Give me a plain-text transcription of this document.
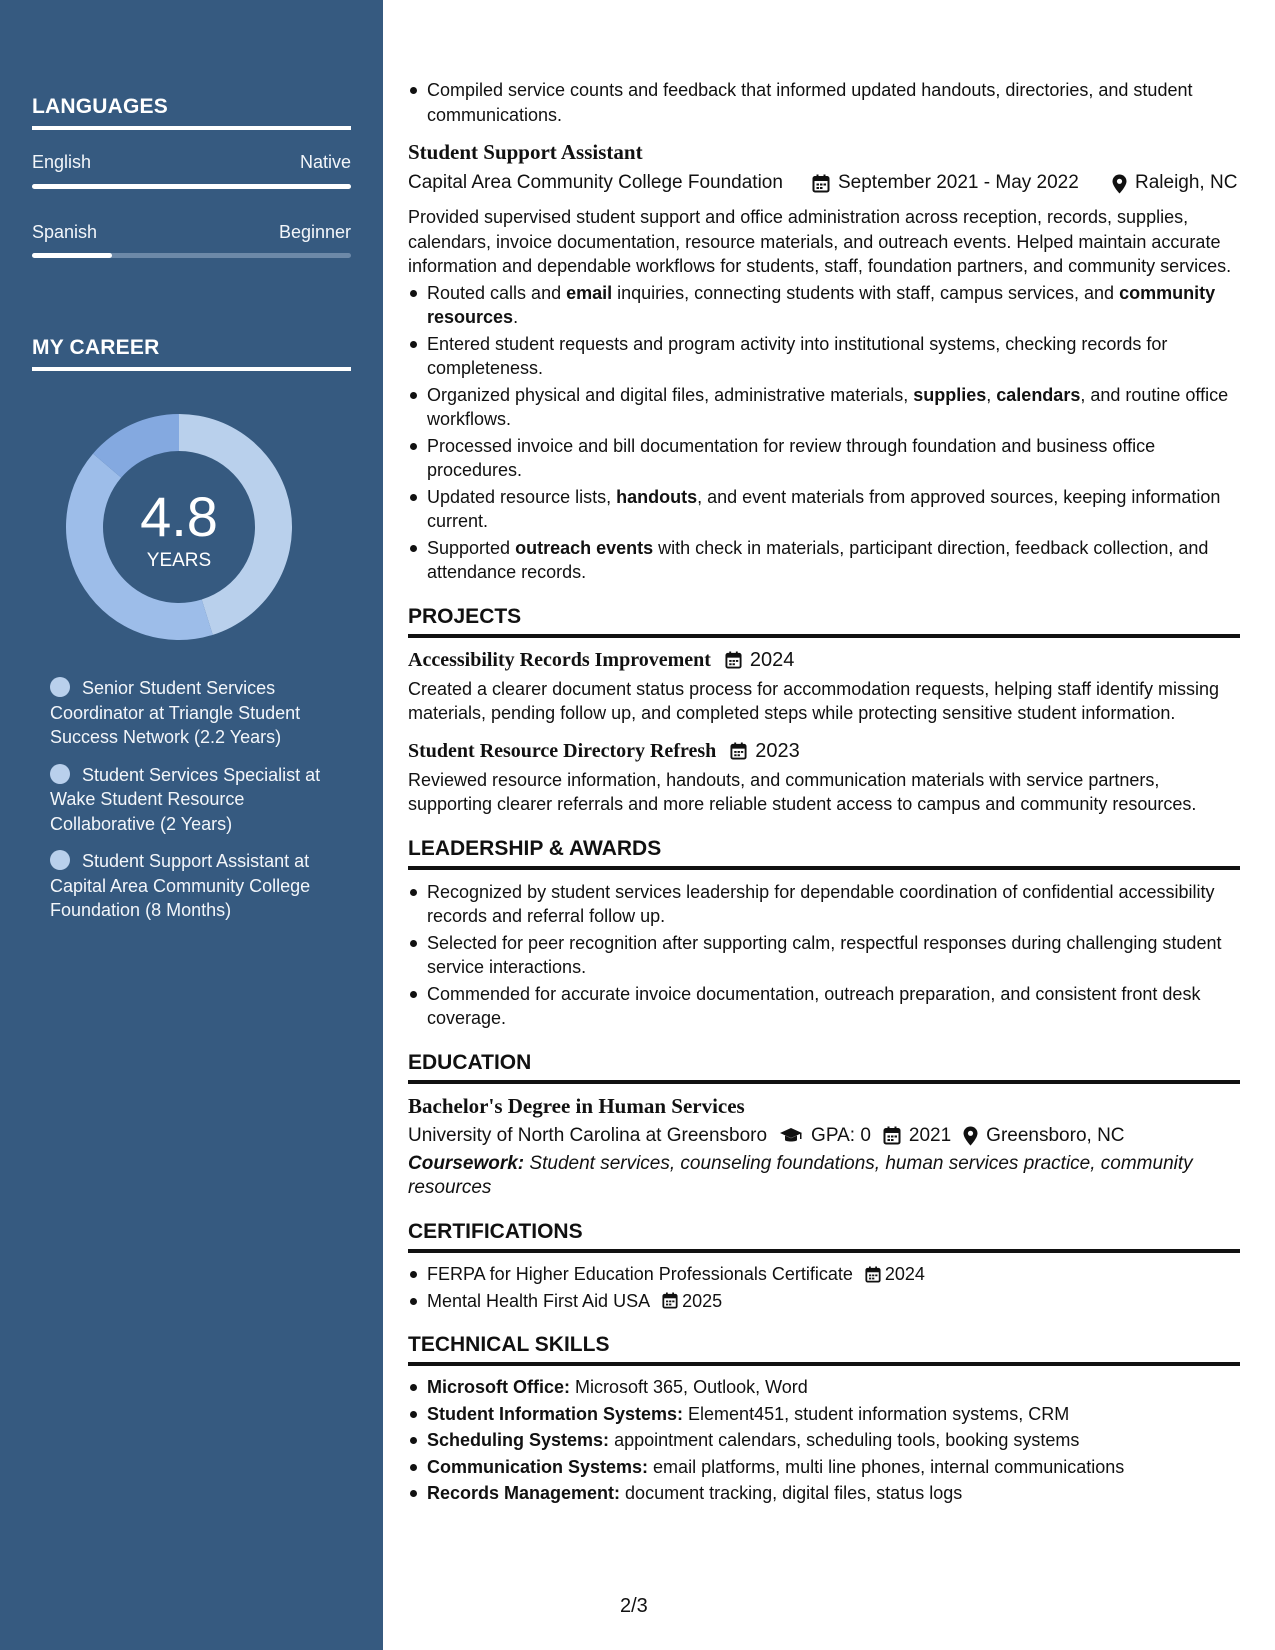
LANGUAGES
English	Native
Spanish	Beginner
MY CAREER
4.8
YEARS
Senior Student Services Coordinator at Triangle Student Success Network (2.2 Years)
Student Services Specialist at Wake Student Resource Collaborative (2 Years)
Student Support Assistant at Capital Area Community College Foundation (8 Months)
Compiled service counts and feedback that informed updated handouts, directories, and student communications.
Student Support Assistant
Capital Area Community College Foundation	September 2021 - May 2022	Raleigh, NC
Provided supervised student support and office administration across reception, records, supplies, calendars, invoice documentation, resource materials, and outreach events. Helped maintain accurate information and dependable workflows for students, staff, foundation partners, and community services.
Routed calls and email inquiries, connecting students with staff, campus services, and community resources.
Entered student requests and program activity into institutional systems, checking records for completeness.
Organized physical and digital files, administrative materials, supplies, calendars, and routine office workflows.
Processed invoice and bill documentation for review through foundation and business office procedures.
Updated resource lists, handouts, and event materials from approved sources, keeping information current.
Supported outreach events with check in materials, participant direction, feedback collection, and attendance records.
PROJECTS
Accessibility Records Improvement 2024
Created a clearer document status process for accommodation requests, helping staff identify missing materials, pending follow up, and completed steps while protecting sensitive student information.
Student Resource Directory Refresh 2023
Reviewed resource information, handouts, and communication materials with service partners, supporting clearer referrals and more reliable student access to campus and community resources.
LEADERSHIP & AWARDS
Recognized by student services leadership for dependable coordination of confidential accessibility records and referral follow up.
Selected for peer recognition after supporting calm, respectful responses during challenging student service interactions.
Commended for accurate invoice documentation, outreach preparation, and consistent front desk coverage.
EDUCATION
Bachelor's Degree in Human Services
University of North Carolina at Greensboro GPA: 0 2021 Greensboro, NC
Coursework: Student services, counseling foundations, human services practice, community resources
CERTIFICATIONS
FERPA for Higher Education Professionals Certificate 2024
Mental Health First Aid USA 2025
TECHNICAL SKILLS
Microsoft Office: Microsoft 365, Outlook, Word
Student Information Systems: Element451, student information systems, CRM
Scheduling Systems: appointment calendars, scheduling tools, booking systems
Communication Systems: email platforms, multi line phones, internal communications
Records Management: document tracking, digital files, status logs
2/3
